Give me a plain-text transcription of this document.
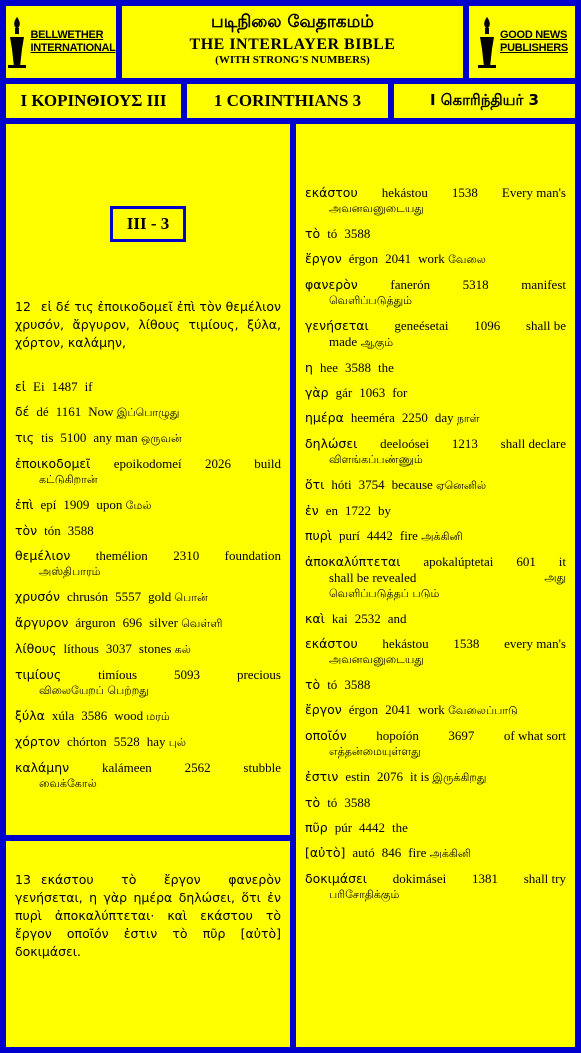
BELLWETHER
INTERNATIONAL
படிநிலை வேதாகமம்
THE INTERLAYER BIBLE
(WITH STRONG'S NUMBERS)
GOOD NEWS
PUBLISHERS
Ι ΚΟΡΙΝΘΙΟΥΣ ΙΙΙ	1 CORINTHIANS 3	I கொரிந்தியர் 3
III - 3
12 εἰ δέ τις ἐποικοδομεῖ ἐπὶ τὸν θεμέλιον χρυσόν, ἄργυρον, λίθους τιμίους, ξύλα, χόρτον, καλάμην,
εἰ Ei 1487 if
δέ dé 1161 Now இப்பொழுது
τις tis 5100 any man ஒருவன்
ἐποικοδομεῖ epoikodomeí 2026 build
கட்டுகிறான்
ἐπὶ epí 1909 upon மேல்
τὸν tón 3588
θεμέλιον themélion 2310 foundation
அஸ்திபாரம்
χρυσόν chrusón 5557 gold பொன்
ἄργυρον árguron 696 silver வெள்ளி
λίθους líthous 3037 stones கல்
τιμίους	timíous	5093	precious
விலையேறப் பெற்றது
ξύλα xúla 3586 wood மரம்
χόρτον chórton 5528 hay புல்
καλάμην	kalámeen	2562	stubble
வைக்கோல்
13 εκάστου τὸ ἔργον φανερὸν γενήσεται, η γὰρ ημέρα δηλώσει, ὅτι ἐν πυρὶ ἀποκαλύπτεται· καὶ εκάστου τὸ ἔργον οποῖόν ἐστιν τὸ πῦρ [αὐτὸ] δοκιμάσει.
εκάστου hekástou 1538 Every man's
அவனவனுடையது
τὸ tó 3588
ἔργον érgon 2041 work வேலை
φανερὸν	fanerón	5318	manifest
வெளிப்படுத்தும்
γενήσεται geneésetai 1096 shall be
made ஆகும்
η hee 3588 the
γὰρ gár 1063 for
ημέρα heeméra 2250 day நாள்
δηλώσει deeloósei 1213 shall declare
விளங்கப்பண்ணும்
ὅτι hóti 3754 because ஏனெனில்
ἐν en 1722 by
πυρὶ purí 4442 fire அக்கினி
ἀποκαλύπτεται apokalúptetai 601 it
shall be revealed	அது
வெளிப்படுத்தப் படும்
καὶ kai 2532 and
εκάστου hekástou 1538 every man's
அவனவனுடையது
τὸ tó 3588
ἔργον érgon 2041 work வேலைப்பாடு
οποῖόν hopoíón 3697 of what sort
எத்தன்மையுள்ளது
ἐστιν estin 2076 it is இருக்கிறது
τὸ tó 3588
πῦρ púr 4442 the
[αὐτὸ] autó 846 fire அக்கினி
δοκιμάσει dokimásei 1381 shall try
பரிசோதிக்கும்
